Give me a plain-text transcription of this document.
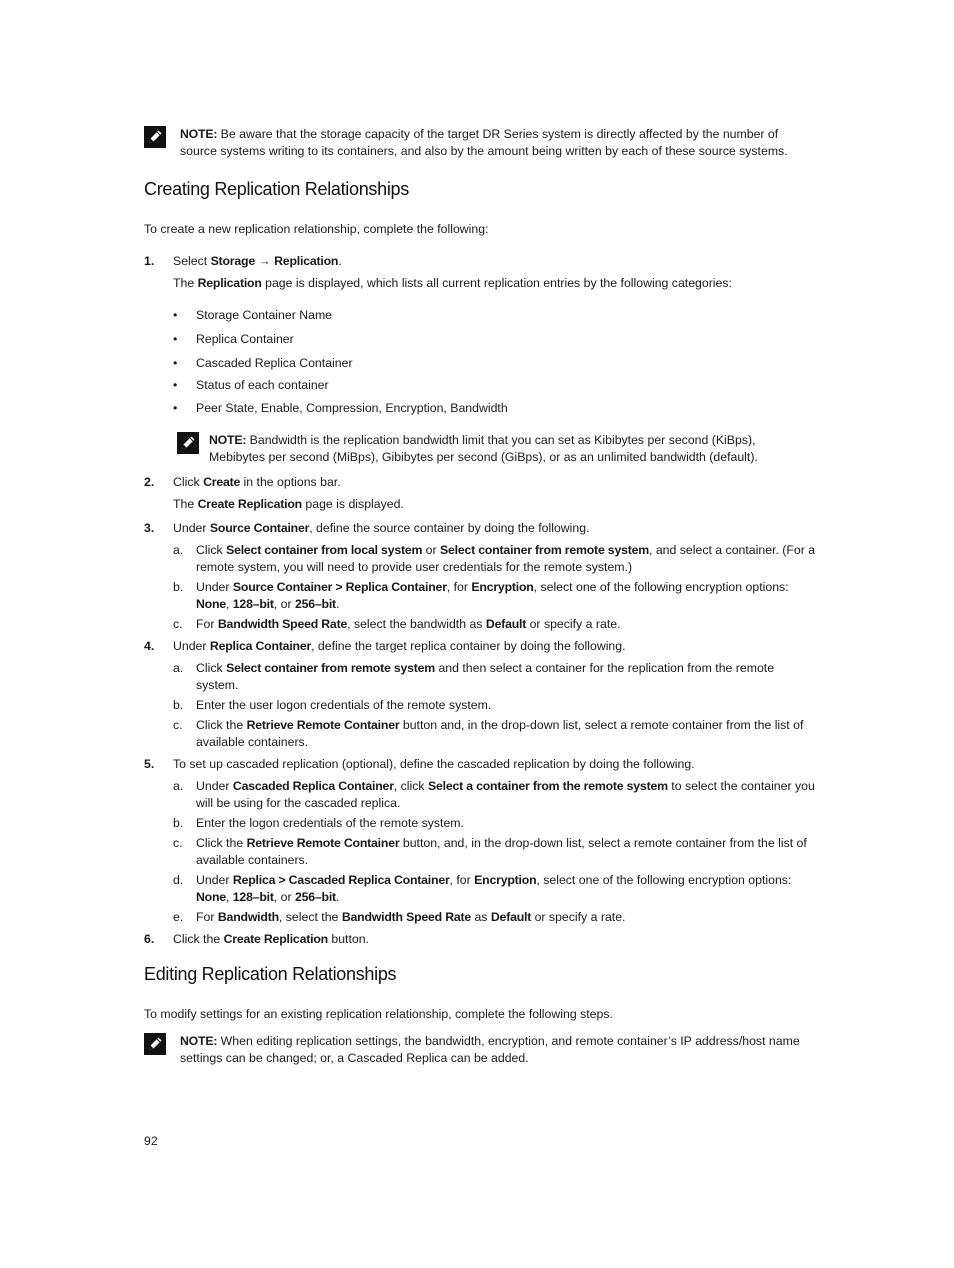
NOTE: Be aware that the storage capacity of the target DR Series system is directly affected by the number of
source systems writing to its containers, and also by the amount being written by each of these source systems.
Creating Replication Relationships
To create a new replication relationship, complete the following:
1. Select Storage → Replication.
The Replication page is displayed, which lists all current replication entries by the following categories:
• Storage Container Name
• Replica Container
• Cascaded Replica Container
• Status of each container
• Peer State, Enable, Compression, Encryption, Bandwidth
NOTE: Bandwidth is the replication bandwidth limit that you can set as Kibibytes per second (KiBps),
Mebibytes per second (MiBps), Gibibytes per second (GiBps), or as an unlimited bandwidth (default).
2. Click Create in the options bar.
The Create Replication page is displayed.
3. Under Source Container, define the source container by doing the following.
a. Click Select container from local system or Select container from remote system, and select a container. (For a
remote system, you will need to provide user credentials for the remote system.)
b. Under Source Container > Replica Container, for Encryption, select one of the following encryption options:
None, 128–bit, or 256–bit.
c. For Bandwidth Speed Rate, select the bandwidth as Default or specify a rate.
4. Under Replica Container, define the target replica container by doing the following.
a. Click Select container from remote system and then select a container for the replication from the remote
system.
b. Enter the user logon credentials of the remote system.
c. Click the Retrieve Remote Container button and, in the drop-down list, select a remote container from the list of
available containers.
5. To set up cascaded replication (optional), define the cascaded replication by doing the following.
a. Under Cascaded Replica Container, click Select a container from the remote system to select the container you
will be using for the cascaded replica.
b. Enter the logon credentials of the remote system.
c. Click the Retrieve Remote Container button, and, in the drop-down list, select a remote container from the list of
available containers.
d. Under Replica > Cascaded Replica Container, for Encryption, select one of the following encryption options:
None, 128–bit, or 256–bit.
e. For Bandwidth, select the Bandwidth Speed Rate as Default or specify a rate.
6. Click the Create Replication button.
Editing Replication Relationships
To modify settings for an existing replication relationship, complete the following steps.
NOTE: When editing replication settings, the bandwidth, encryption, and remote container’s IP address/host name
settings can be changed; or, a Cascaded Replica can be added.
92
